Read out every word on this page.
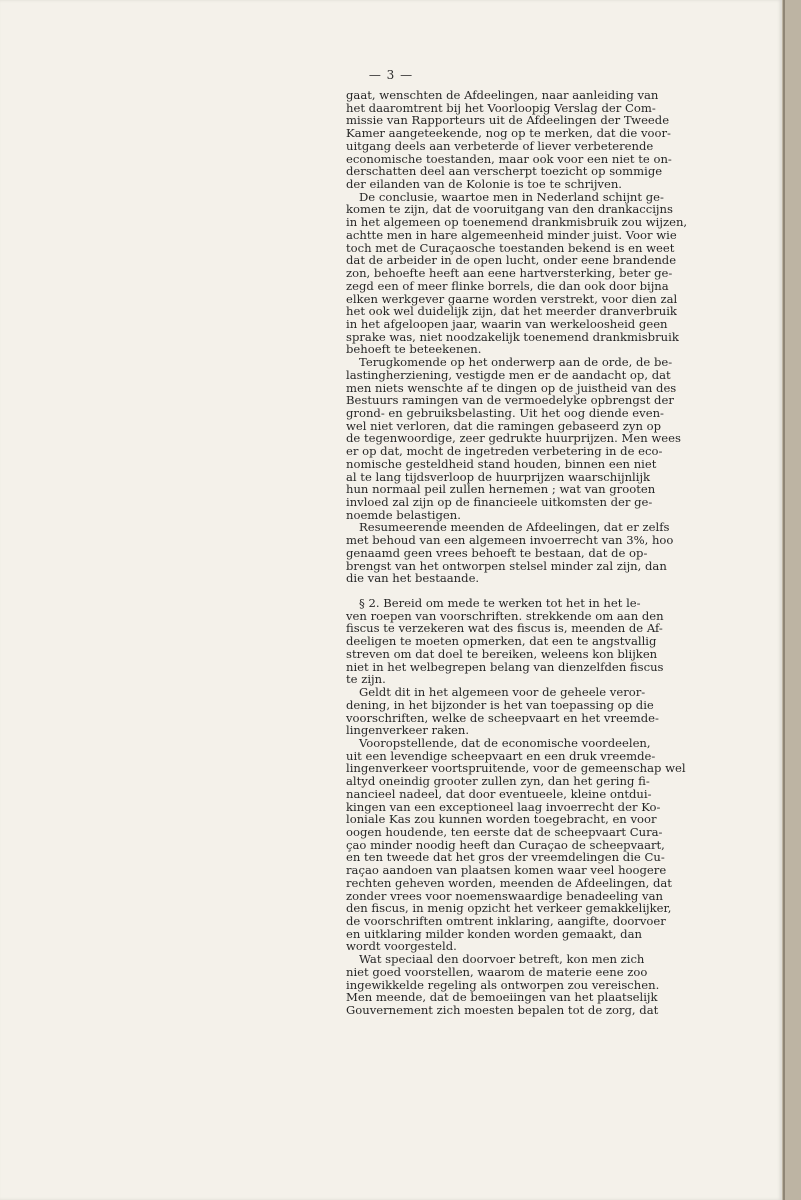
— 3 —
gaat, wenschten de Afdeelingen, naar aanleiding van
het daaromtrent bij het Voorloopig Verslag der Com-
missie van Rapporteurs uit de Afdeelingen der Tweede
Kamer aangeteekende, nog op te merken, dat die voor-
uitgang deels aan verbeterde of liever verbeterende
economische toestanden, maar ook voor een niet te on-
derschatten deel aan verscherpt toezicht op sommige
der eilanden van de Kolonie is toe te schrijven.
De conclusie, waartoe men in Nederland schijnt ge-
komen te zijn, dat de vooruitgang van den drankaccijns
in het algemeen op toenemend drankmisbruik zou wijzen,
achtte men in hare algemeenheid minder juist. Voor wie
toch met de Curaçaosche toestanden bekend is en weet
dat de arbeider in de open lucht, onder eene brandende
zon, behoefte heeft aan eene hartversterking, beter ge-
zegd een of meer flinke borrels, die dan ook door bijna
elken werkgever gaarne worden verstrekt, voor dien zal
het ook wel duidelijk zijn, dat het meerder dranverbruik
in het afgeloopen jaar, waarin van werkeloosheid geen
sprake was, niet noodzakelijk toenemend drankmisbruik
behoeft te beteekenen.
Terugkomende op het onderwerp aan de orde, de be-
lastingherziening, vestigde men er de aandacht op, dat
men niets wenschte af te dingen op de juistheid van des
Bestuurs ramingen van de vermoedelyke opbrengst der
grond- en gebruiksbelasting. Uit het oog diende even-
wel niet verloren, dat die ramingen gebaseerd zyn op
de tegenwoordige, zeer gedrukte huurprijzen. Men wees
er op dat, mocht de ingetreden verbetering in de eco-
nomische gesteldheid stand houden, binnen een niet
al te lang tijdsverloop de huurprijzen waarschijnlijk
hun normaal peil zullen hernemen ; wat van grooten
invloed zal zijn op de financieele uitkomsten der ge-
noemde belastigen.
Resumeerende meenden de Afdeelingen, dat er zelfs
met behoud van een algemeen invoerrecht van 3%, hoo
genaamd geen vrees behoeft te bestaan, dat de op-
brengst van het ontworpen stelsel minder zal zijn, dan
die van het bestaande.
§ 2. Bereid om mede te werken tot het in het le-
ven roepen van voorschriften. strekkende om aan den
fiscus te verzekeren wat des fiscus is, meenden de Af-
deeligen te moeten opmerken, dat een te angstvallig
streven om dat doel te bereiken, weleens kon blijken
niet in het welbegrepen belang van dienzelfden fiscus
te zijn.
Geldt dit in het algemeen voor de geheele veror-
dening, in het bijzonder is het van toepassing op die
voorschriften, welke de scheepvaart en het vreemde-
lingenverkeer raken.
Vooropstellende, dat de economische voordeelen,
uit een levendige scheepvaart en een druk vreemde-
lingenverkeer voortspruitende, voor de gemeenschap wel
altyd oneindig grooter zullen zyn, dan het gering fi-
nancieel nadeel, dat door eventueele, kleine ontdui-
kingen van een exceptioneel laag invoerrecht der Ko-
loniale Kas zou kunnen worden toegebracht, en voor
oogen houdende, ten eerste dat de scheepvaart Cura-
çao minder noodig heeft dan Curaçao de scheepvaart,
en ten tweede dat het gros der vreemdelingen die Cu-
raçao aandoen van plaatsen komen waar veel hoogere
rechten geheven worden, meenden de Afdeelingen, dat
zonder vrees voor noemenswaardige benadeeling van
den fiscus, in menig opzicht het verkeer gemakkelijker,
de voorschriften omtrent inklaring, aangifte, doorvoer
en uitklaring milder konden worden gemaakt, dan
wordt voorgesteld.
Wat speciaal den doorvoer betreft, kon men zich
niet goed voorstellen, waarom de materie eene zoo
ingewikkelde regeling als ontworpen zou vereischen.
Men meende, dat de bemoeiingen van het plaatselijk
Gouvernement zich moesten bepalen tot de zorg, dat
